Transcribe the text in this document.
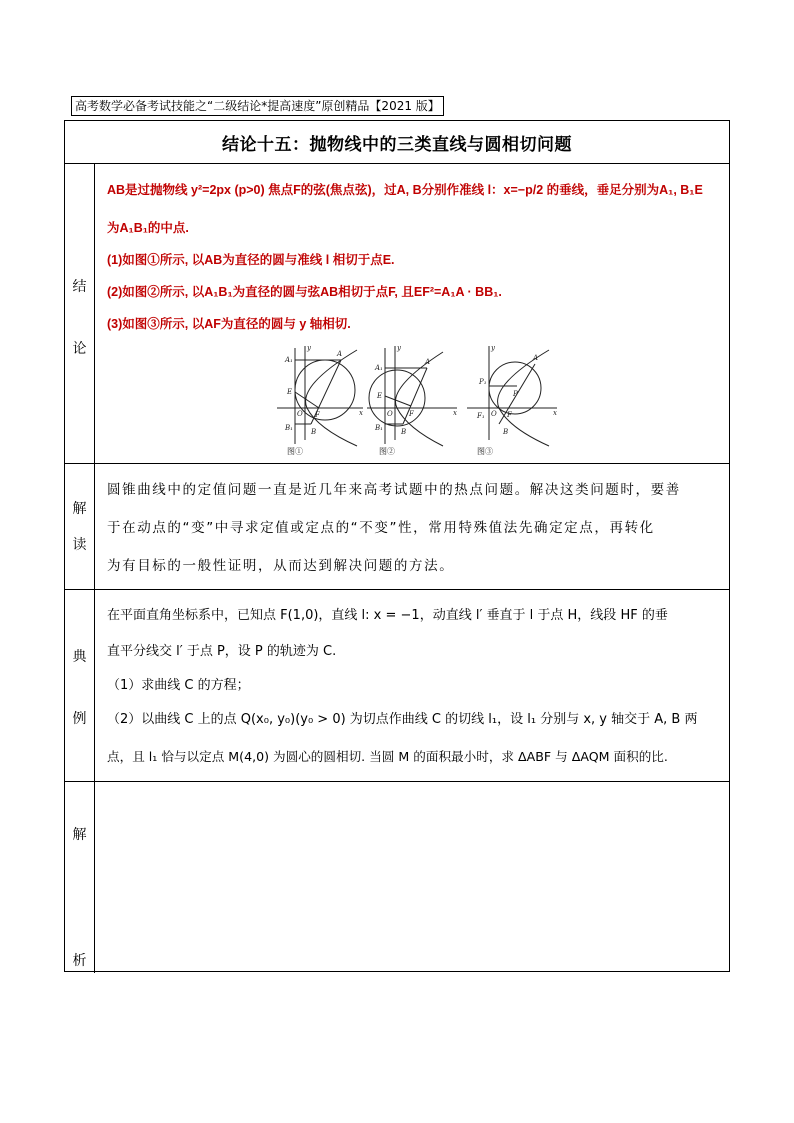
高考数学必备考试技能之“二级结论*提高速度”原创精品【2021 版】
结论十五：抛物线中的三类直线与圆相切问题
结
论
AB是过抛物线 y²=2px (p>0) 焦点F的弦(焦点弦)，过A, B分别作准线 l：x=−p/2 的垂线，垂足分别为A₁, B₁E
为A₁B₁的中点.
(1)如图①所示, 以AB为直径的圆与准线 l 相切于点E.
(2)如图②所示, 以A₁B₁为直径的圆与弦AB相切于点F, 且EF²=A₁A · BB₁.
(3)如图③所示, 以AF为直径的圆与 y 轴相切.
y
A₁
A
E
O F	x
B₁	B
y
A₁
A
E
O F	x
B₁	B
y
A
P₁
P
O
F₁	F	x
B
图①	图②	图③
解
读
圆锥曲线中的定值问题一直是近几年来高考试题中的热点问题。解决这类问题时，要善
于在动点的“变”中寻求定值或定点的“不变”性，常用特殊值法先确定定点，再转化
为有目标的一般性证明，从而达到解决问题的方法。
典
例
在平面直角坐标系中，已知点 F(1,0)，直线 l: x = −1，动直线 l′ 垂直于 l 于点 H，线段 HF 的垂
直平分线交 l′ 于点 P，设 P 的轨迹为 C.
（1）求曲线 C 的方程；
（2）以曲线 C 上的点 Q(x₀, y₀)(y₀ > 0) 为切点作曲线 C 的切线 l₁，设 l₁ 分别与 x, y 轴交于 A, B 两
点，且 l₁ 恰与以定点 M(4,0) 为圆心的圆相切. 当圆 M 的面积最小时，求 ΔABF 与 ΔAQM 面积的比.
解
析
